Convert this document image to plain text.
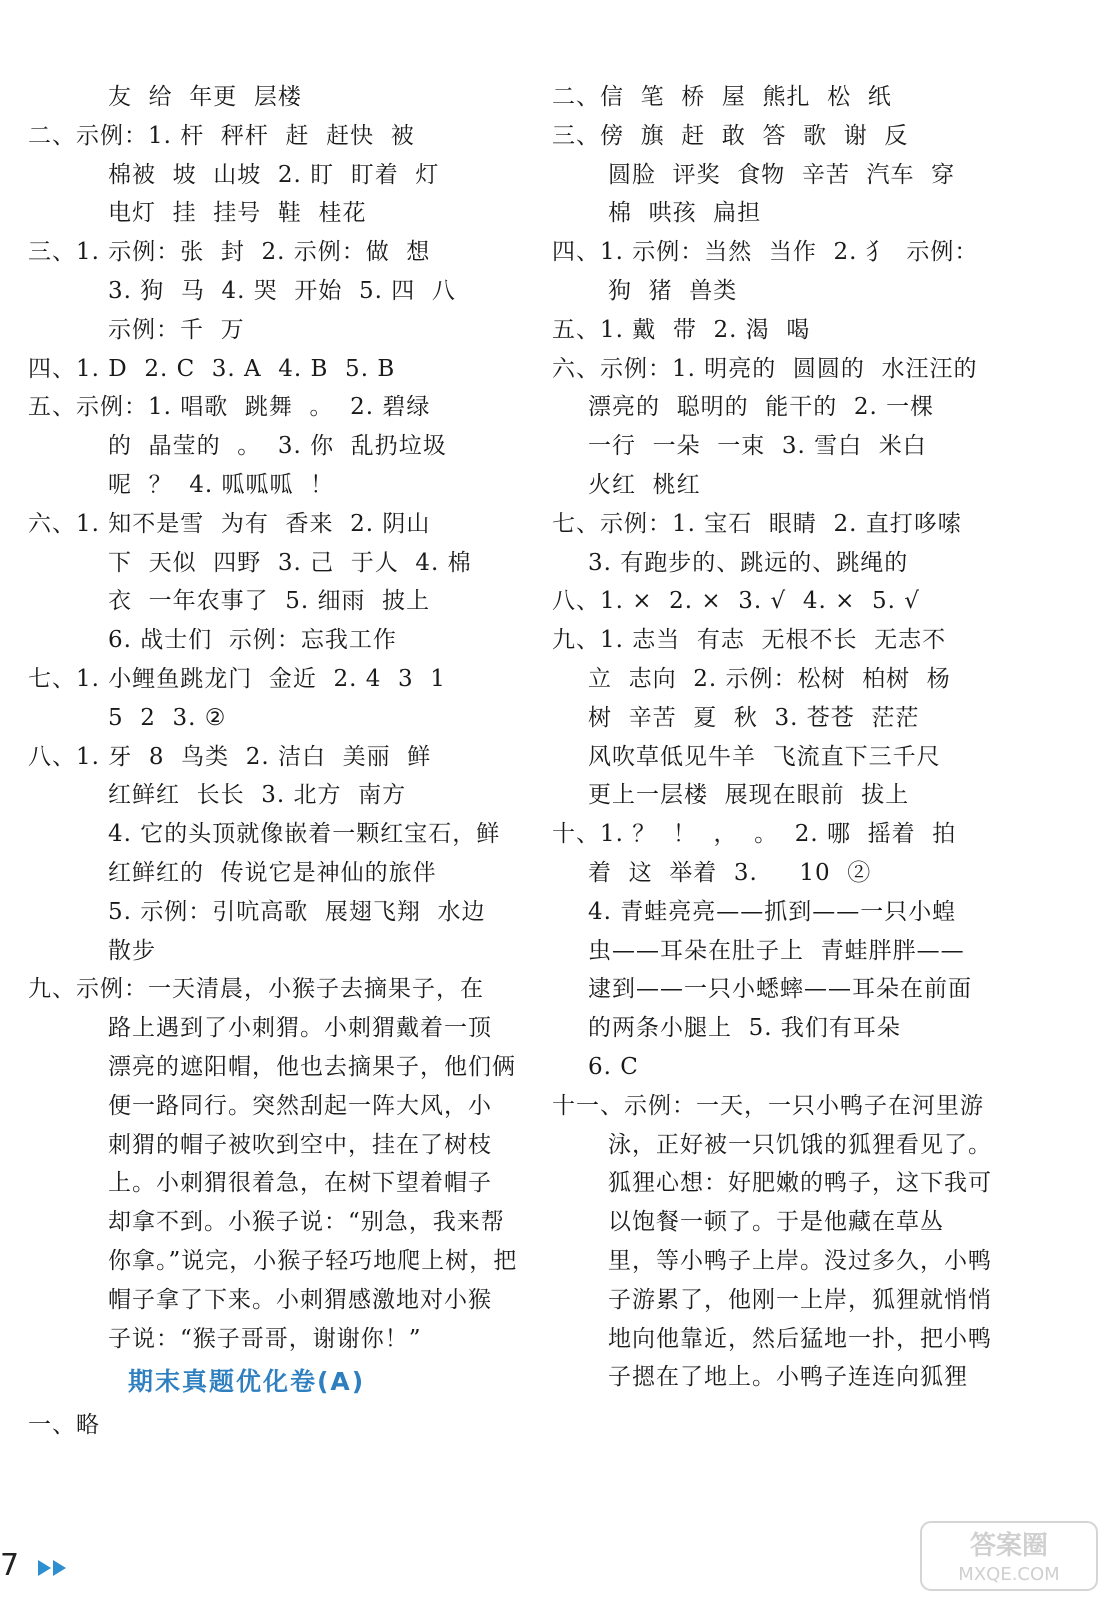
友  给  年更  层楼
二、示例：1. 杆  秤杆  赶  赶快  被
棉被  坡  山坡  2. 盯  盯着  灯
电灯  挂  挂号  鞋  桂花
三、1. 示例：张  封  2. 示例：做  想
3. 狗  马  4. 哭  开始  5. 四  八
示例：千  万
四、1. D  2. C  3. A  4. B  5. B
五、示例：1. 唱歌  跳舞  。  2. 碧绿
的  晶莹的  。  3. 你  乱扔垃圾
呢  ？  4. 呱呱呱  ！
六、1. 知不是雪  为有  香来  2. 阴山
下  天似  四野  3. 己  于人  4. 棉
衣  一年农事了  5. 细雨  披上
6. 战士们  示例：忘我工作
七、1. 小鲤鱼跳龙门  金近  2. 4  3  1
5  2  3. ②
八、1. 牙  8  鸟类  2. 洁白  美丽  鲜
红鲜红  长长  3. 北方  南方
4. 它的头顶就像嵌着一颗红宝石，鲜
红鲜红的  传说它是神仙的旅伴
5. 示例：引吭高歌  展翅飞翔  水边
散步
九、示例：一天清晨，小猴子去摘果子，在
路上遇到了小刺猬。小刺猬戴着一顶
漂亮的遮阳帽，他也去摘果子，他们俩
便一路同行。突然刮起一阵大风，小
刺猬的帽子被吹到空中，挂在了树枝
上。小刺猬很着急，在树下望着帽子
却拿不到。小猴子说：“别急，我来帮
你拿。”说完，小猴子轻巧地爬上树，把
帽子拿了下来。小刺猬感激地对小猴
子说：“猴子哥哥，谢谢你！”
期末真题优化卷(A)
一、略
二、信  笔  桥  屋  熊扎  松  纸
三、傍  旗  赶  敢  答  歌  谢  反
圆脸  评奖  食物  辛苦  汽车  穿
棉  哄孩  扁担
四、1. 示例：当然  当作  2. 犭  示例：
狗  猪  兽类
五、1. 戴  带  2. 渴  喝
六、示例：1. 明亮的  圆圆的  水汪汪的
漂亮的  聪明的  能干的  2. 一棵
一行  一朵  一束  3. 雪白  米白
火红  桃红
七、示例：1. 宝石  眼睛  2. 直打哆嗦
3. 有跑步的、跳远的、跳绳的
八、1. ×  2. ×  3. √  4. ×  5. √
九、1. 志当  有志  无根不长  无志不
立  志向  2. 示例：松树  柏树  杨
树  辛苦  夏  秋  3. 苍苍  茫茫
风吹草低见牛羊  飞流直下三千尺
更上一层楼  展现在眼前  拔上
十、1. ？  ！  ，  。  2. 哪  摇着  拍
着  这  举着  3.     10  ②
4. 青蛙亮亮——抓到——一只小蝗
虫——耳朵在肚子上  青蛙胖胖——
逮到——一只小蟋蟀——耳朵在前面
的两条小腿上  5. 我们有耳朵
6. C
十一、示例：一天，一只小鸭子在河里游
泳，正好被一只饥饿的狐狸看见了。
狐狸心想：好肥嫩的鸭子，这下我可
以饱餐一顿了。于是他藏在草丛
里，等小鸭子上岸。没过多久，小鸭
子游累了，他刚一上岸，狐狸就悄悄
地向他靠近，然后猛地一扑，把小鸭
子摁在了地上。小鸭子连连向狐狸
7
答案圈
MXQE.COM
